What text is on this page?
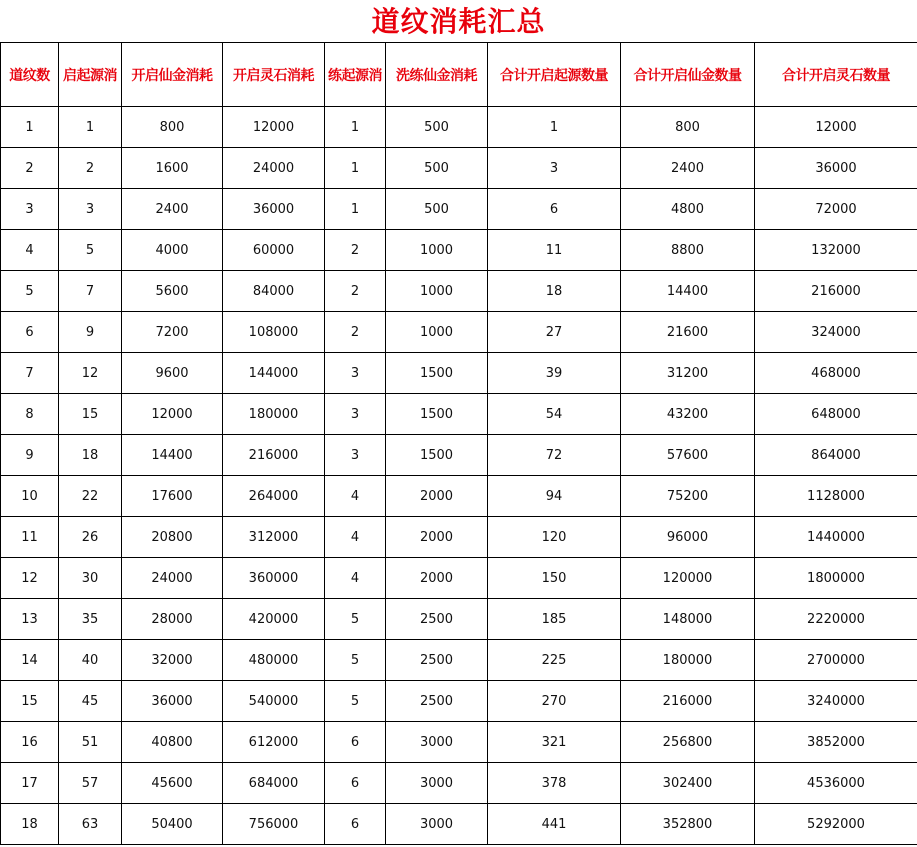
道纹消耗汇总
道纹数	启起源消	开启仙金消耗	开启灵石消耗	练起源消	洗练仙金消耗	合计开启起源数量	合计开启仙金数量	合计开启灵石数量
1	1	800	12000	1	500	1	800	12000
2	2	1600	24000	1	500	3	2400	36000
3	3	2400	36000	1	500	6	4800	72000
4	5	4000	60000	2	1000	11	8800	132000
5	7	5600	84000	2	1000	18	14400	216000
6	9	7200	108000	2	1000	27	21600	324000
7	12	9600	144000	3	1500	39	31200	468000
8	15	12000	180000	3	1500	54	43200	648000
9	18	14400	216000	3	1500	72	57600	864000
10	22	17600	264000	4	2000	94	75200	1128000
11	26	20800	312000	4	2000	120	96000	1440000
12	30	24000	360000	4	2000	150	120000	1800000
13	35	28000	420000	5	2500	185	148000	2220000
14	40	32000	480000	5	2500	225	180000	2700000
15	45	36000	540000	5	2500	270	216000	3240000
16	51	40800	612000	6	3000	321	256800	3852000
17	57	45600	684000	6	3000	378	302400	4536000
18	63	50400	756000	6	3000	441	352800	5292000
